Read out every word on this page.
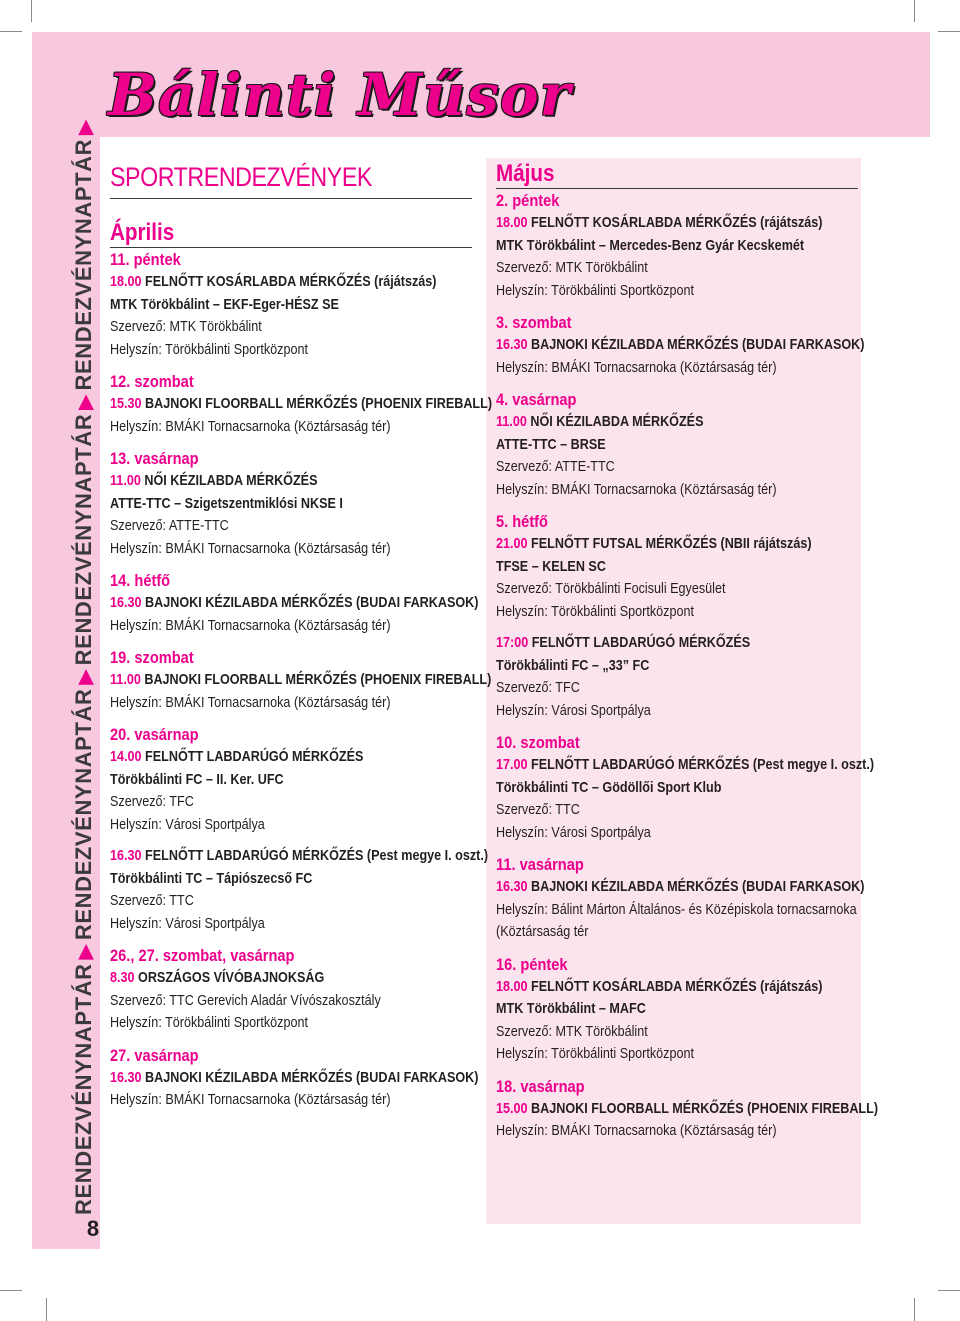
Bálinti Műsor
RENDEZVÉNYNAPTÁR▶RENDEZVÉNYNAPTÁR▶RENDEZVÉNYNAPTÁR▶RENDEZVÉNYNAPTÁR▶
8
SPORTRENDEZVÉNYEK
Április
11. péntek
18.00 FELNŐTT KOSÁRLABDA MÉRKŐZÉS (rájátszás)
MTK Törökbálint – EKF-Eger-HÉSZ SE
Szervező: MTK Törökbálint
Helyszín: Törökbálinti Sportközpont
12. szombat
15.30 BAJNOKI FLOORBALL MÉRKŐZÉS (PHOENIX FIREBALL)
Helyszín: BMÁKI Tornacsarnoka (Köztársaság tér)
13. vasárnap
11.00 NŐI KÉZILABDA MÉRKŐZÉS
ATTE-TTC – Szigetszentmiklósi NKSE I
Szervező: ATTE-TTC
Helyszín: BMÁKI Tornacsarnoka (Köztársaság tér)
14. hétfő
16.30 BAJNOKI KÉZILABDA MÉRKŐZÉS (BUDAI FARKASOK)
Helyszín: BMÁKI Tornacsarnoka (Köztársaság tér)
19. szombat
11.00 BAJNOKI FLOORBALL MÉRKŐZÉS (PHOENIX FIREBALL)
Helyszín: BMÁKI Tornacsarnoka (Köztársaság tér)
20. vasárnap
14.00 FELNŐTT LABDARÚGÓ MÉRKŐZÉS
Törökbálinti FC – II. Ker. UFC
Szervező: TFC
Helyszín: Városi Sportpálya
16.30 FELNŐTT LABDARÚGÓ MÉRKŐZÉS (Pest megye I. oszt.)
Törökbálinti TC – Tápiószecső FC
Szervező: TTC
Helyszín: Városi Sportpálya
26., 27. szombat, vasárnap
8.30 ORSZÁGOS VÍVÓBAJNOKSÁG
Szervező: TTC Gerevich Aladár Vívószakosztály
Helyszín: Törökbálinti Sportközpont
27. vasárnap
16.30 BAJNOKI KÉZILABDA MÉRKŐZÉS (BUDAI FARKASOK)
Helyszín: BMÁKI Tornacsarnoka (Köztársaság tér)
Május
2. péntek
18.00 FELNŐTT KOSÁRLABDA MÉRKŐZÉS (rájátszás)
MTK Törökbálint – Mercedes-Benz Gyár Kecskemét
Szervező: MTK Törökbálint
Helyszín: Törökbálinti Sportközpont
3. szombat
16.30 BAJNOKI KÉZILABDA MÉRKŐZÉS (BUDAI FARKASOK)
Helyszín: BMÁKI Tornacsarnoka (Köztársaság tér)
4. vasárnap
11.00 NŐI KÉZILABDA MÉRKŐZÉS
ATTE-TTC – BRSE
Szervező: ATTE-TTC
Helyszín: BMÁKI Tornacsarnoka (Köztársaság tér)
5. hétfő
21.00 FELNŐTT FUTSAL MÉRKŐZÉS (NBII rájátszás)
TFSE – KELEN SC
Szervező: Törökbálinti Focisuli Egyesület
Helyszín: Törökbálinti Sportközpont
17:00 FELNŐTT LABDARÚGÓ MÉRKŐZÉS
Törökbálinti FC – „33” FC
Szervező: TFC
Helyszín: Városi Sportpálya
10. szombat
17.00 FELNŐTT LABDARÚGÓ MÉRKŐZÉS (Pest megye I. oszt.)
Törökbálinti TC – Gödöllői Sport Klub
Szervező: TTC
Helyszín: Városi Sportpálya
11. vasárnap
16.30 BAJNOKI KÉZILABDA MÉRKŐZÉS (BUDAI FARKASOK)
Helyszín: Bálint Márton Általános- és Középiskola tornacsarnoka
(Köztársaság tér
16. péntek
18.00 FELNŐTT KOSÁRLABDA MÉRKŐZÉS (rájátszás)
MTK Törökbálint – MAFC
Szervező: MTK Törökbálint
Helyszín: Törökbálinti Sportközpont
18. vasárnap
15.00 BAJNOKI FLOORBALL MÉRKŐZÉS (PHOENIX FIREBALL)
Helyszín: BMÁKI Tornacsarnoka (Köztársaság tér)
